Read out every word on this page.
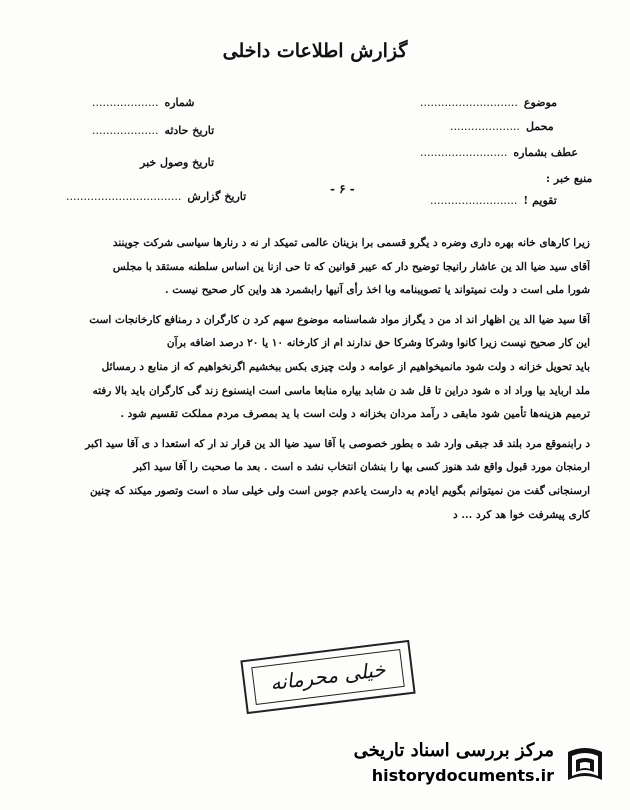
گزارش اطلاعات داخلی
شماره...................
تاریخ حادثه...................
تاریخ وصول خبر
تاریخ گزارش.................................
موضوع............................
محمل....................
عطف بشماره.........................
منبع خبر :
تقویم !.........................
- ۶ -

زیرا کارهای خانه بهره داری وضره د یگرو قسمی برا بزینان عالمی تمیکد ار نه د رنارها سیاسی شرکت جوینند
آقای سید ضیا الد ین عاشار رانیجا توضیح دار که عیبر قوانین که تا حی ازنا ین اساس سلطنه مستقد با مجلس
شورا ملی است د ولت نمیتواند یا تصویبنامه وبا اخذ رأی آنیها رابشمرد هد واین کار صحیح نیست .

آقا سید ضیا الد ین اظهار اند اد من د یگراز مواد شماسنامه موضوع سهم کرد ن کارگران د رمنافع کارخانجات است
این کار صحیح نیست زیرا کانوا وشرکا وشرکا حق ندارند ام از کارخانه ۱۰ یا ۲۰ درصد اضافه برآن
باید تحویل خزانه د ولت شود مانمیخواهیم از عوامه د ولت چیزی بکس ببخشیم اگرنخواهیم که از منابع د رمسائل
ملد ارباید بیا وراد اد ه شود دراین تا قل شد ن شابد بیاره منابعا ماسی است اینسنوع زند گی کارگران باید بالا رفته
ترمیم هزینه‌ها تأمین شود مابقی د رآمد مردان بخزانه د ولت است با ید بمصرف مردم مملکت تقسیم شود .

د رابنموقع مرد بلند قد جبقی وارد شد ه بطور خصوصی با آقا سید ضیا الد ین قرار ند ار که استعدا د ی آقا سید اکبر
ارمنجان مورد قبول واقع شد هنوز کسی بها را بنشان انتخاب نشد ه است . بعد ما صحبت را آقا سید اکبر
ارسنجانی گفت من نمیتوانم بگویم ایادم به دارست یاعدم جوس است ولی خیلی ساد ه است وتصور میکند که چنین
کاری پیشرفت خوا هد کرد ... د

خیلی محرمانه
مرکز بررسی اسناد تاریخی
historydocuments.ir
